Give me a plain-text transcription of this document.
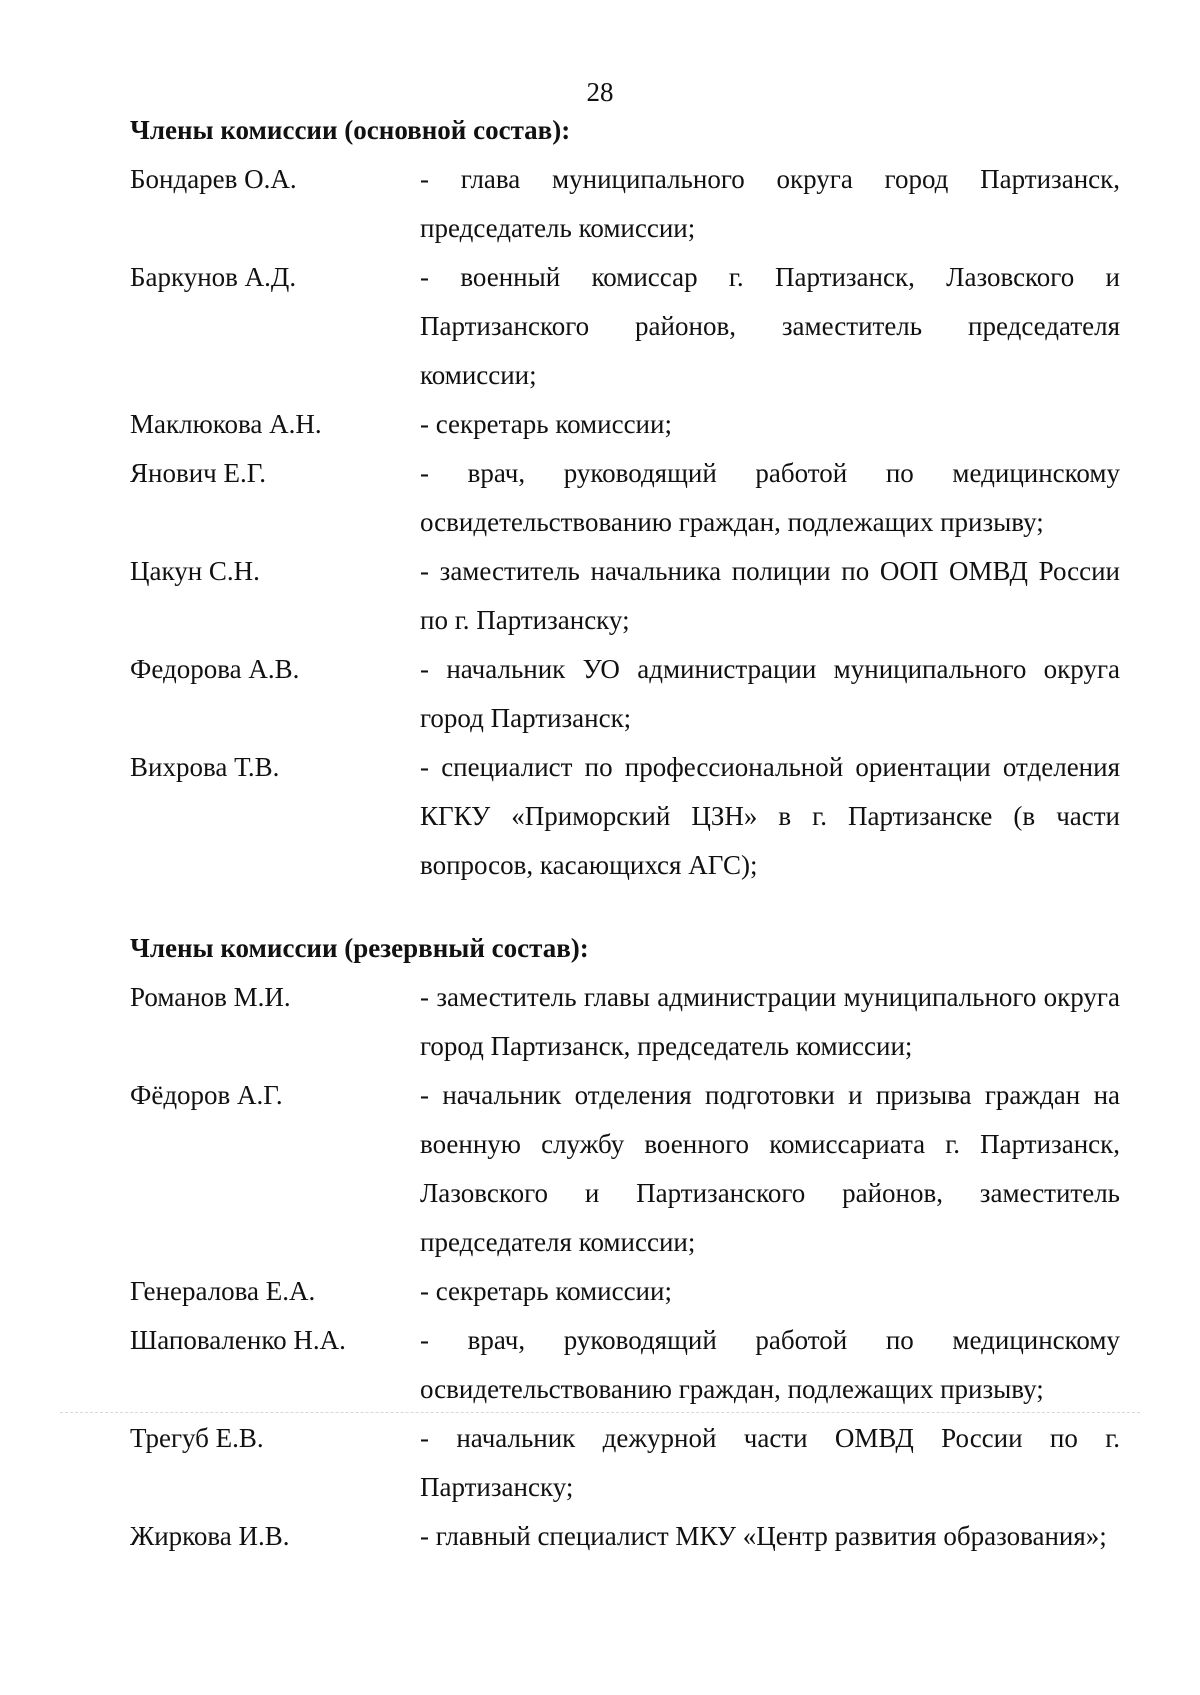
28

Члены комиссии (основной состав):

Бондарев О.А.	- глава муниципального округа город Партизанск, председатель комиссии;
Баркунов А.Д.	- военный комиссар г. Партизанск, Лазовского и Партизанского районов, заместитель председателя комиссии;
Маклюкова А.Н.	- секретарь комиссии;
Янович Е.Г.	- врач, руководящий работой по медицинскому освидетельствованию граждан, подлежащих призыву;
Цакун С.Н.	- заместитель начальника полиции по ООП ОМВД России по г. Партизанску;
Федорова А.В.	- начальник УО администрации муниципального округа город Партизанск;
Вихрова Т.В.	- специалист по профессиональной ориентации отделения КГКУ «Приморский ЦЗН» в г. Партизанске (в части вопросов, касающихся АГС);

Члены комиссии (резервный состав):

Романов М.И.	- заместитель главы администрации муниципального округа город Партизанск, председатель комиссии;
Фёдоров А.Г.	- начальник отделения подготовки и призыва граждан на военную службу военного комиссариата г. Партизанск, Лазовского и Партизанского районов, заместитель председателя комиссии;
Генералова Е.А.	- секретарь комиссии;
Шаповаленко Н.А.	- врач, руководящий работой по медицинскому освидетельствованию граждан, подлежащих призыву;
Трегуб Е.В.	- начальник дежурной части ОМВД России по г. Партизанску;
Жиркова И.В.	- главный специалист МКУ «Центр развития образования»;
